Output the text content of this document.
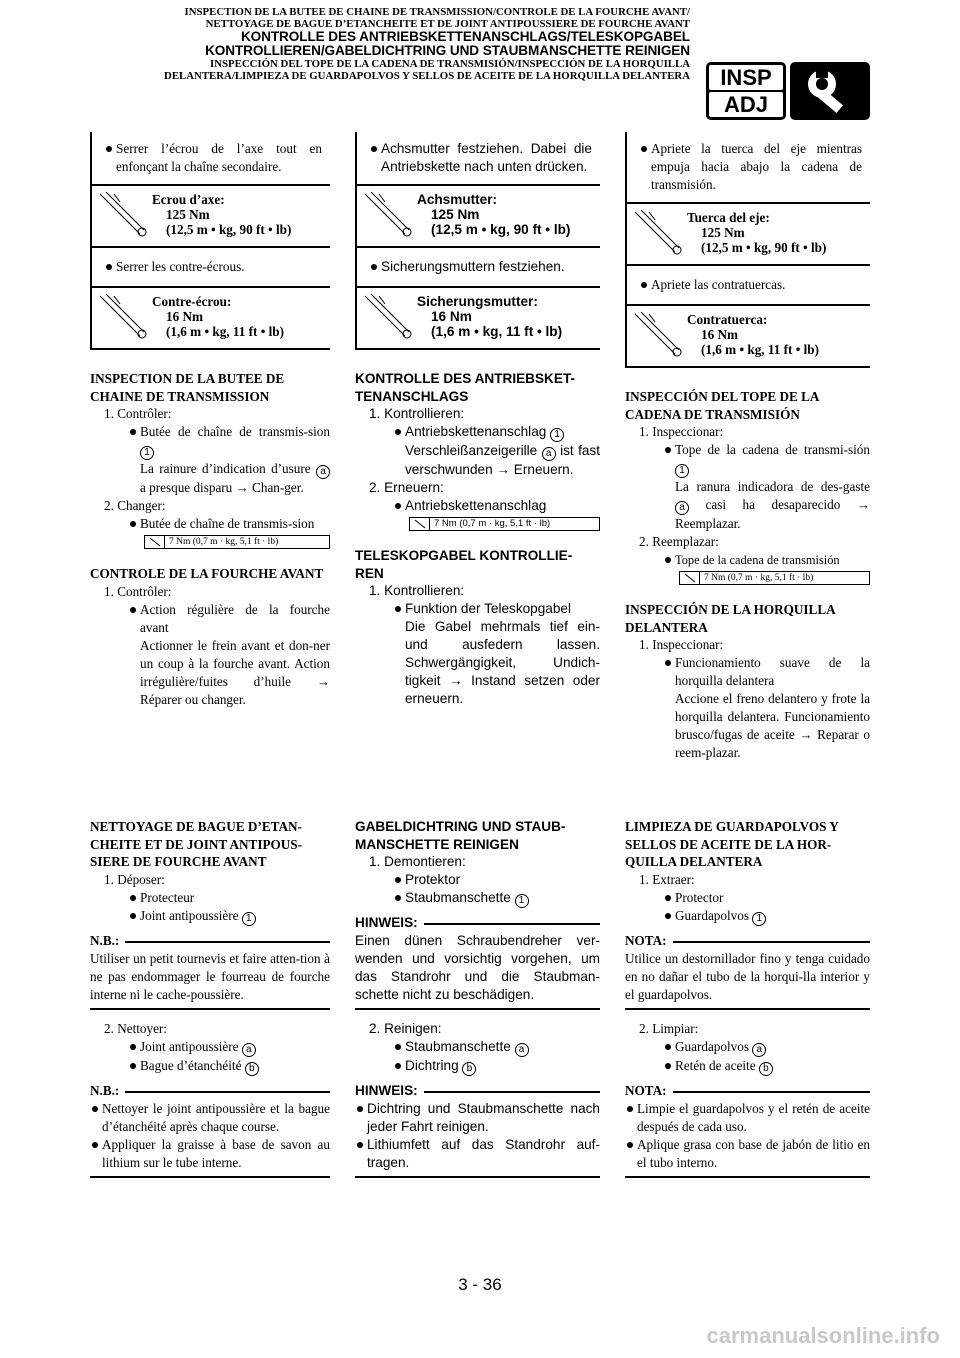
INSPECTION DE LA BUTEE DE CHAINE DE TRANSMISSION/CONTROLE DE LA FOURCHE AVANT/
NETTOYAGE DE BAGUE D’ETANCHEITE ET DE JOINT ANTIPOUSSIERE DE FOURCHE AVANT
KONTROLLE DES ANTRIEBSKETTENANSCHLAGS/TELESKOPGABEL
KONTROLLIEREN/GABELDICHTRING UND STAUBMANSCHETTE REINIGEN
INSPECCIÓN DEL TOPE DE LA CADENA DE TRANSMISIÓN/INSPECCIÓN DE LA HORQUILLA
DELANTERA/LIMPIEZA DE GUARDAPOLVOS Y SELLOS DE ACEITE DE LA HORQUILLA DELANTERA	INSP
ADJ
Serrer l’écrou de l’axe tout en enfonçant la chaîne secondaire.
Ecrou d’axe:
125 Nm
(12,5 m • kg, 90 ft • lb)
Serrer les contre-écrous.
Contre-écrou:
16 Nm
(1,6 m • kg, 11 ft • lb)
INSPECTION DE LA BUTEE DE CHAINE DE TRANSMISSION
1. Contrôler:
Butée de chaîne de transmis-sion 1
La rainure d’indication d’usure a a presque disparu → Chan-ger.
2. Changer:
Butée de chaîne de transmis-sion
7 Nm (0,7 m · kg, 5,1 ft · lb)
CONTROLE DE LA FOURCHE AVANT
1. Contrôler:
Action régulière de la fourche avant
Actionner le frein avant et don-ner un coup à la fourche avant. Action irrégulière/fuites d’huile → Réparer ou changer.
NETTOYAGE DE BAGUE D’ETAN-CHEITE ET DE JOINT ANTIPOUS-SIERE DE FOURCHE AVANT
1. Déposer:
Protecteur
Joint antipoussière 1
N.B.:
Utiliser un petit tournevis et faire atten-tion à ne pas endommager le fourreau de fourche interne ni le cache-poussière.
2. Nettoyer:
Joint antipoussière a
Bague d’étanchéité b
N.B.:
Nettoyer le joint antipoussière et la bague d’étanchéité après chaque course.
Appliquer la graisse à base de savon au lithium sur le tube interne.
Achsmutter festziehen. Dabei die Antriebskette nach unten drücken.
Achsmutter:
125 Nm
(12,5 m • kg, 90 ft • lb)
Sicherungsmuttern festziehen.
Sicherungsmutter:
16 Nm
(1,6 m • kg, 11 ft • lb)
KONTROLLE DES ANTRIEBSKET-TENANSCHLAGS
1. Kontrollieren:
Antriebskettenanschlag 1
Verschleißanzeigerille a ist fast verschwunden → Erneuern.
2. Erneuern:
Antriebskettenanschlag
7 Nm (0,7 m · kg, 5,1 ft · lb)
TELESKOPGABEL KONTROLLIE-REN
1. Kontrollieren:
Funktion der Teleskopgabel
Die Gabel mehrmals tief ein- und ausfedern lassen. Schwergängigkeit, Undich-tigkeit → Instand setzen oder erneuern.
GABELDICHTRING UND STAUB-MANSCHETTE REINIGEN
1. Demontieren:
Protektor
Staubmanschette 1
HINWEIS:
Einen dünen Schraubendreher ver-wenden und vorsichtig vorgehen, um das Standrohr und die Staubman-schette nicht zu beschädigen.
2. Reinigen:
Staubmanschette a
Dichtring b
HINWEIS:
Dichtring und Staubmanschette nach jeder Fahrt reinigen.
Lithiumfett auf das Standrohr auf-tragen.
Apriete la tuerca del eje mientras empuja hacia abajo la cadena de transmisión.
Tuerca del eje:
125 Nm
(12,5 m • kg, 90 ft • lb)
Apriete las contratuercas.
Contratuerca:
16 Nm
(1,6 m • kg, 11 ft • lb)
INSPECCIÓN DEL TOPE DE LA CADENA DE TRANSMISIÓN
1. Inspeccionar:
Tope de la cadena de transmi-sión 1
La ranura indicadora de des-gaste a casi ha desaparecido → Reemplazar.
2. Reemplazar:
Tope de la cadena de transmisión
7 Nm (0,7 m · kg, 5,1 ft · lb)
INSPECCIÓN DE LA HORQUILLA DELANTERA
1. Inspeccionar:
Funcionamiento suave de la horquilla delantera
Accione el freno delantero y frote la horquilla delantera. Funcionamiento brusco/fugas de aceite → Reparar o reem-plazar.
LIMPIEZA DE GUARDAPOLVOS Y SELLOS DE ACEITE DE LA HOR-QUILLA DELANTERA
1. Extraer:
Protector
Guardapolvos 1
NOTA:
Utilice un destornillador fino y tenga cuidado en no dañar el tubo de la horqui-lla interior y el guardapolvos.
2. Limpiar:
Guardapolvos a
Retén de aceite b
NOTA:
Limpie el guardapolvos y el retén de aceite después de cada uso.
Aplique grasa con base de jabón de litio en el tubo interno.
3 - 36
carmanualsonline.info
